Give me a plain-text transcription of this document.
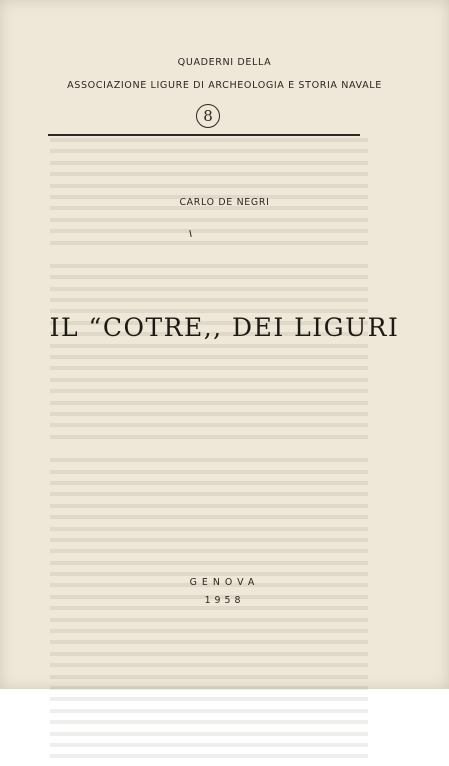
QUADERNI DELLA
ASSOCIAZIONE LIGURE DI ARCHEOLOGIA E STORIA NAVALE
8
CARLO DE NEGRI
IL “COTRE,, DEI LIGURI
GENOVA
1958
